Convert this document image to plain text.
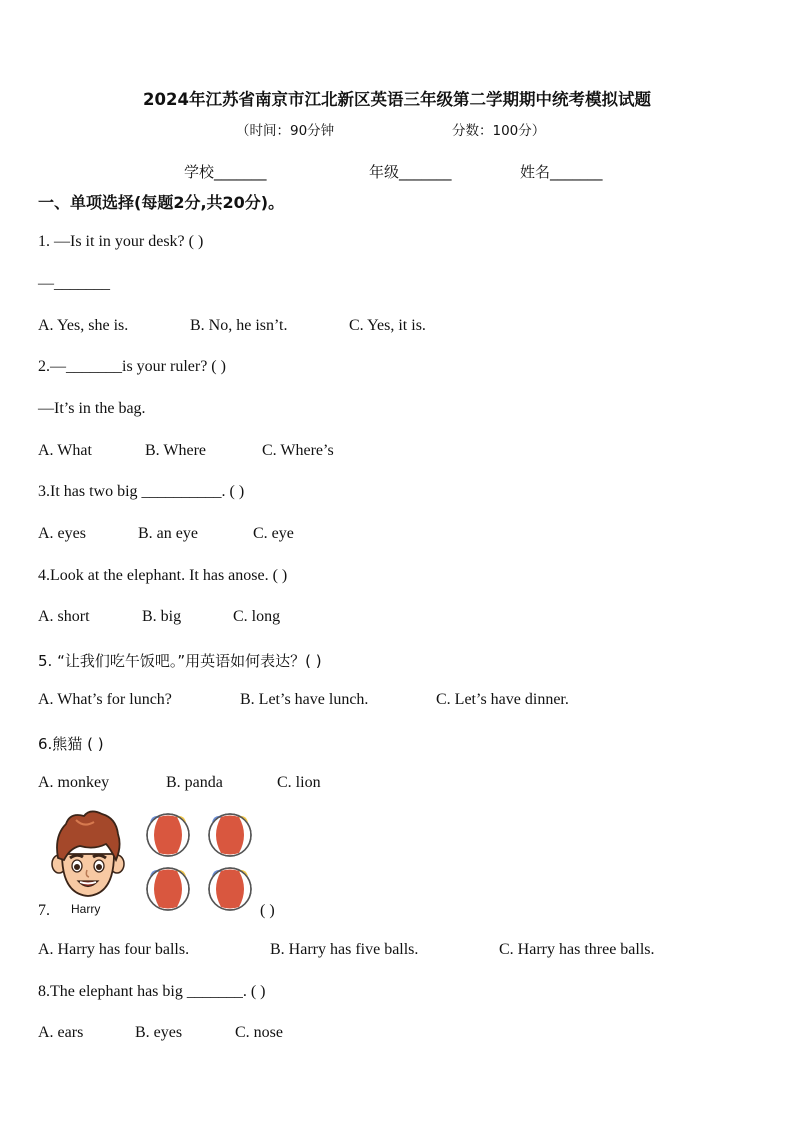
2024年江苏省南京市江北新区英语三年级第二学期期中统考模拟试题
（时间：90分钟	分数：100分）
学校_______	年级_______	姓名_______
一、单项选择(每题2分,共20分)。
1. —Is it in your desk? ( )
—_______
A. Yes, she is.	B. No, he isn’t.	C. Yes, it is.
2.—_______is your ruler? ( )
—It’s in the bag.
A. What	B. Where	C. Where’s
3.It has two big __________. ( )
A. eyes	B. an eye	C. eye
4.Look at the elephant. It has anose. ( )
A. short	B. big	C. long
5. “让我们吃午饭吧。”用英语如何表达？( )
A. What’s for lunch?	B. Let’s have lunch.	C. Let’s have dinner.
6.熊猫 ( )
A. monkey	B. panda	C. lion
7. Harry	( )
A. Harry has four balls.	B. Harry has five balls.	C. Harry has three balls.
8.The elephant has big _______. ( )
A. ears	B. eyes	C. nose
